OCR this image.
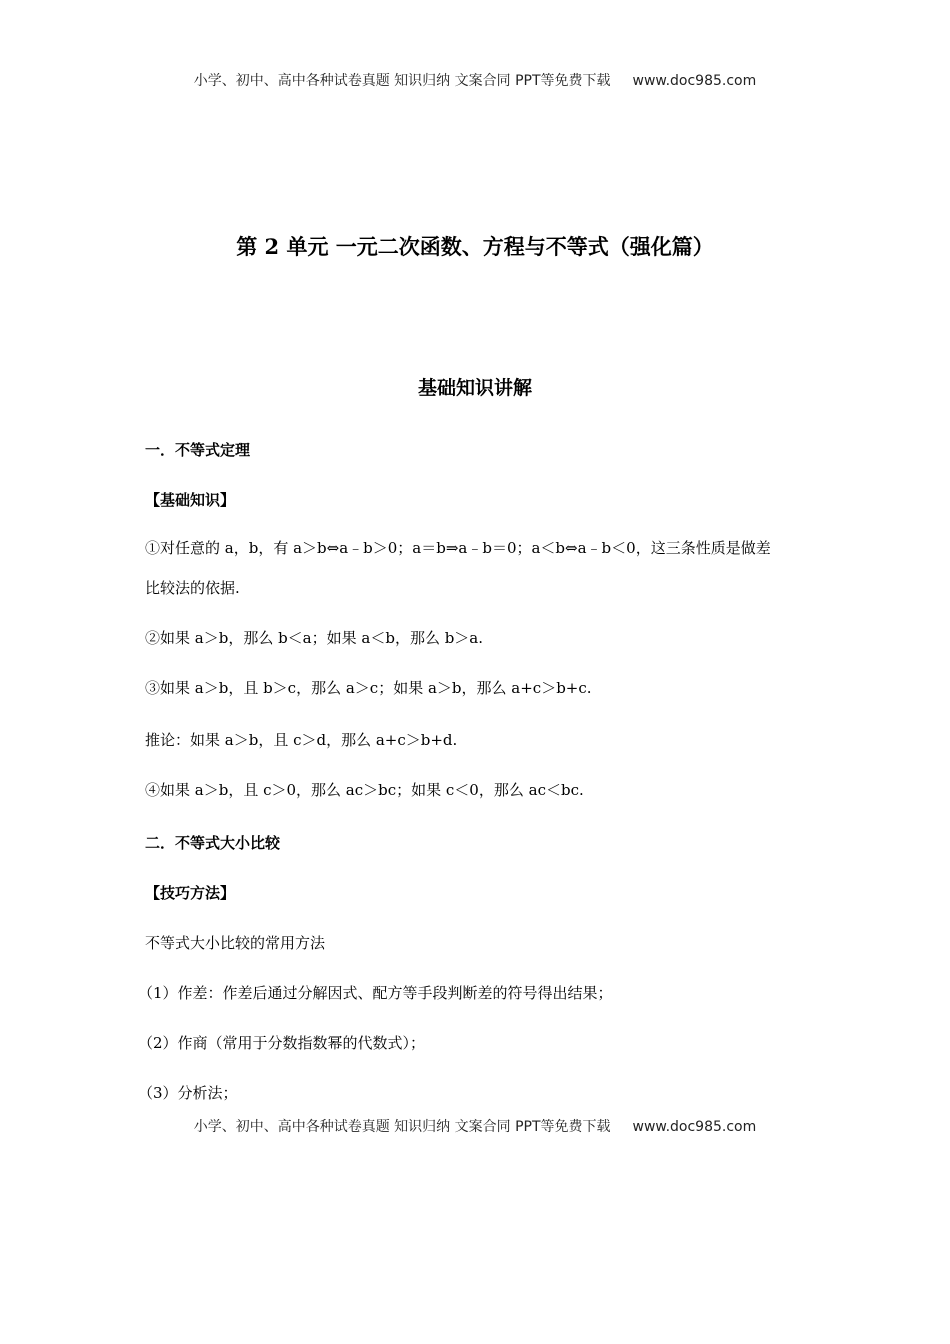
小学、初中、高中各种试卷真题 知识归纳 文案合同 PPT等免费下载 www.doc985.com
第 2 单元 一元二次函数、方程与不等式（强化篇）
基础知识讲解
一．不等式定理
【基础知识】
①对任意的 a，b，有 a＞b⇔a﹣b＞0；a＝b⇒a﹣b＝0；a＜b⇔a﹣b＜0，这三条性质是做差
比较法的依据.
②如果 a＞b，那么 b＜a；如果 a＜b，那么 b＞a.
③如果 a＞b，且 b＞c，那么 a＞c；如果 a＞b，那么 a+c＞b+c.
推论：如果 a＞b，且 c＞d，那么 a+c＞b+d.
④如果 a＞b，且 c＞0，那么 ac＞bc；如果 c＜0，那么 ac＜bc.
二．不等式大小比较
【技巧方法】
不等式大小比较的常用方法
（1）作差：作差后通过分解因式、配方等手段判断差的符号得出结果；
（2）作商（常用于分数指数幂的代数式）；
（3）分析法；
小学、初中、高中各种试卷真题 知识归纳 文案合同 PPT等免费下载 www.doc985.com
